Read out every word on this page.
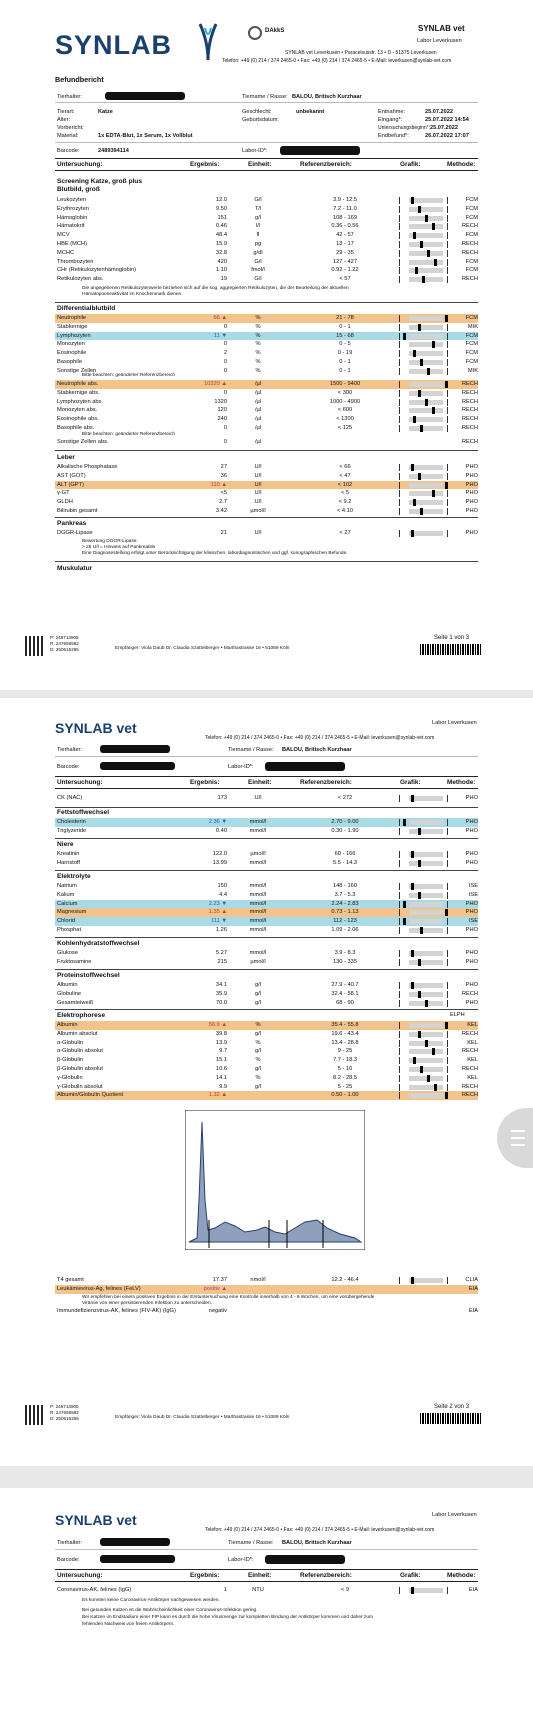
SYNLAB	DAkkS	SYNLAB vet
Labor Leverkusen
SYNLAB vet Leverkusen • Paracelsusstr. 13 • D - 51375 Leverkusen
Telefon: +49 (0) 214 / 374 2465-0 • Fax: +49 (0) 214 / 374 2465-5 • E-Mail: leverkusen@synlab-vet.com
Befundbericht
Tierhalter:	Tiername / Rasse: BALOU, Britisch Kurzhaar
Tierart:	Katze	Geschlecht:	unbekannt	Entnahme:	25.07.2022
Alter:	Geburtsdatum:	Eingang*:	25.07.2022 14:54
Vorbericht:	Untersuchungsbeginn*: 25.07.2022
Material:	1x EDTA-Blut, 1x Serum, 1x Vollblut	Endbefund*:	26.07.2022 17:07
Barcode:	2489394114	Labor-ID*:
Untersuchung:	Ergebnis:	Einheit:	Referenzbereich:	Grafik:	Methode:
Screening Katze, groß plus
Blutbild, groß
Leukozyten	12.0	G/l	3.9 - 12.5	FCM
Erythrozyten	9.50	T/l	7.2 - 11.0	FCM
Hämoglobin	151	g/l	108 - 169	FCM
Hämatokrit	0.46	l/l	0.36 - 0.56	RECH
MCV	48.4	fl	42 - 57	FCM
HBE (MCH)	15.9	pg	13 - 17	RECH
MCHC	32.8	g/dl	29 - 35	RECH
Thrombozyten	420	G/l	127 - 427	FCM
CHr (Retikulozytenhämoglobin)	1.10	fmol/l	0.92 - 1.22	FCM
Retikulozyten abs.	19	G/l	< 57	RECH
Die angegebenen Retikulozytenwerte beziehen sich auf die sog. aggregierten Retikulozyten, die der Beurteilung der aktuellen
Hämatopoeseaktivität im Knochenmark dienen.
Differentialblutbild
Neutrophile	66 ▲	%	21 - 78	FCM
Stabkernige	0	%	0 - 1	MIK
Lymphozyten	11 ▼	%	15 - 68	FCM
Monozyten	0	%	0 - 5	FCM
Eosinophile	2	%	0 - 19	FCM
Basophile	0	%	0 - 1	FCM
Sonstige Zellen	0	%	0 - 1	MIK
Bitte beachten: geänderter Referenzbereich
Neutrophile abs.	10320 ▲	/µl	1500 - 9400	RECH
Stabkernige abs.	0	/µl	< 300	RECH
Lymphozyten abs.	1320	/µl	1000 - 4900	RECH
Monozyten abs.	120	/µl	< 600	RECH
Eosinophile abs.	240	/µl	< 1300	RECH
Basophile abs.	0	/µl	< 125	RECH
Bitte beachten: geänderter Referenzbereich
Sonstige Zellen abs.	0	/µl	RECH
Leber
Alkalische Phosphatase	27	U/l	< 66	PHO
AST (GOT)	36	U/l	< 47	PHO
ALT (GPT)	110 ▲	U/l	< 102	PHO
γ-GT	<5	U/l	< 5	PHO
GLDH	2.7	U/l	< 9.2	PHO
Bilirubin gesamt	3.42	µmol/l	< 4.10	PHO
Pankreas
DGGR-Lipase	21	U/l	< 27	PHO
Bewertung DGGR-Lipase:
> 26 U/l = Hinweis auf Pankreatitis
Eine Diagnosestellung erfolgt unter Berücksichtigung der klinischen, labordiagnostischen und ggf. sonographischen Befunde.
Muskulatur
P: 246713905
R: 247656582
D: 250515265	Empfänger: Viola Daub Dr. Claudia Szattelberger • Marthastrasse 16 • 51069 Köln
Seite 1 von 3
SYNLAB vet	Labor Leverkusen
Telefon: +49 (0) 214 / 374 2465-0 • Fax: +49 (0) 214 / 374 2465-5 • E-Mail: leverkusen@synlab-vet.com
Tierhalter:	Tiername / Rasse: BALOU, Britisch Kurzhaar
Barcode:	Labor-ID*:
Untersuchung:	Ergebnis:	Einheit:	Referenzbereich:	Grafik:	Methode:
CK (NAC)	173	U/l	< 272	PHO
Fettstoffwechsel
Cholesterin	2.36 ▼	mmol/l	2.70 - 9.00	PHO
Triglyzeride	0.40	mmol/l	0.30 - 1.90	PHO
Niere
Kreatinin	122.0	µmol/l	60 - 166	PHO
Harnstoff	13.99	mmol/l	5.5 - 14.3	PHO
Elektrolyte
Natrium	150	mmol/l	148 - 160	ISE
Kalium	4.4	mmol/l	3.7 - 5.3	ISE
Calcium	2.23 ▼	mmol/l	2.24 - 2.83	PHO
Magnesium	1.35 ▲	mmol/l	0.73 - 1.13	PHO
Chlorid	111 ▼	mmol/l	112 - 123	ISE
Phosphat	1.26	mmol/l	1.09 - 2.06	PHO
Kohlenhydratstoffwechsel
Glukose	5.27	mmol/l	3.9 - 8.3	PHO
Fruktosamine	215	µmol/l	130 - 335	PHO
Proteinstoffwechsel
Albumin	34.1	g/l	27.9 - 40.7	PHO
Globuline	35.9	g/l	32.4 - 58.1	RECH
Gesamteiweiß	70.0	g/l	68 - 90	PHO
Elektrophorese	ELPH
Albumin	56.9 ▲	%	35.4 - 55.8	KEL
Albumin absolut	39.8	g/l	19.6 - 43.4	RECH
α-Globulin	13.9	%	13.4 - 28.8	KEL
α-Globulin absolut	9.7	g/l	9 - 25	RECH
β-Globulin	15.1	%	7.7 - 18.3	KEL
β-Globulin absolut	10.6	g/l	5 - 16	RECH
γ-Globulin	14.1	%	8.2 - 28.5	KEL
γ-Globulin absolut	9.9	g/l	5 - 25	RECH
Albumin/Globulin Quotient	1.32 ▲	0.50 - 1.00	RECH
T4 gesamt	17.37	nmol/l	12.2 - 46.4	CLIA
Leukämievirus-Ag, felines (FeLV)	positiv ▲	EIA
Wir empfehlen bei einem positiven Ergebnis in der Erstuntersuchung eine Kontrolle innerhalb von 4 - 6 Wochen, um eine vorübergehende
Virämie von einer persistierenden Infektion zu unterscheiden.
Immundefizienzvirus-AK, felines (FIV-AK) (IgG)	negativ	EIA
P: 246713905
R: 247656582
D: 250515265	Empfänger: Viola Daub Dr. Claudia Szattelberger • Marthastrasse 16 • 51069 Köln
Seite 2 von 3
SYNLAB vet	Labor Leverkusen
Telefon: +49 (0) 214 / 374 2465-0 • Fax: +49 (0) 214 / 374 2465-5 • E-Mail: leverkusen@synlab-vet.com
Tierhalter:	Tiername / Rasse: BALOU, Britisch Kurzhaar
Barcode:	Labor-ID*:
Untersuchung:	Ergebnis:	Einheit:	Referenzbereich:	Grafik:	Methode:
Coronavirus-AK, felines (IgG)	1	NTU	< 9	EIA
Es konnten keine Coronavirus-Antikörper nachgewiesen werden.
Bei gesunden Katzen ist die Wahrscheinlichkeit einer Coronavirus-Infektion gering.
Bei Katzen im Endstadium einer FIP kann es durch die hohe Virusmenge zur kompletten Bindung der Antikörper kommen und daher zum
fehlenden Nachweis von freien Antikörpern.
